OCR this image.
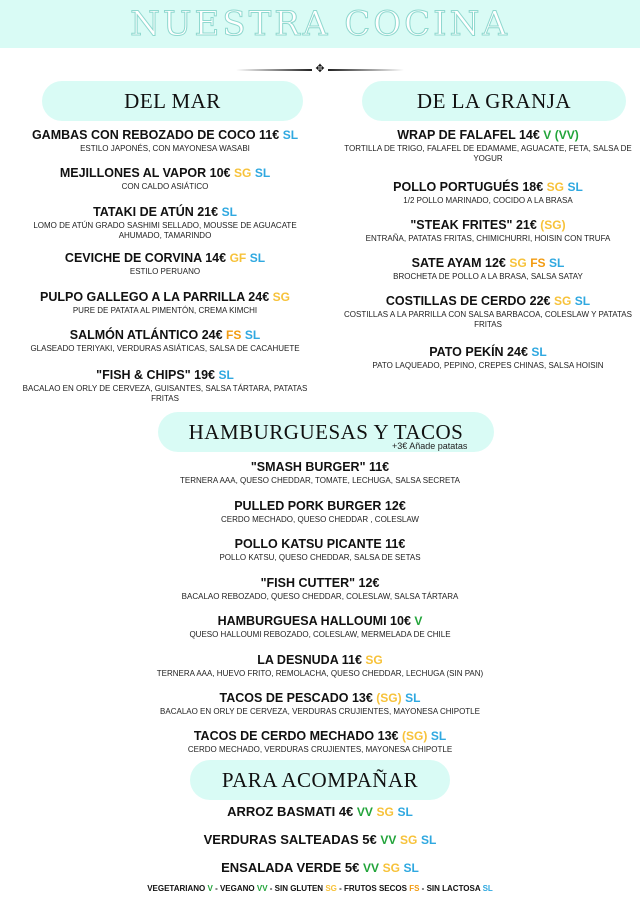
NUESTRA COCINA
✥
DEL MAR	DE LA GRANJA
HAMBURGUESAS Y TACOS
+3€ Añade patatas
PARA ACOMPAÑAR
GAMBAS CON REBOZADO DE COCO 11€ SL
ESTILO JAPONÉS, CON MAYONESA WASABI
MEJILLONES AL VAPOR 10€ SG SL
CON CALDO ASIÁTICO
TATAKI DE ATÚN 21€ SL
LOMO DE ATÚN GRADO SASHIMI SELLADO, MOUSSE DE AGUACATE AHUMADO, TAMARINDO
CEVICHE DE CORVINA 14€ GF SL
ESTILO PERUANO
PULPO GALLEGO A LA PARRILLA 24€ SG
PURE DE PATATA AL PIMENTÓN, CREMA KIMCHI
SALMÓN ATLÁNTICO 24€ FS SL
GLASEADO TERIYAKI, VERDURAS ASIÁTICAS, SALSA DE CACAHUETE
"FISH & CHIPS" 19€ SL
BACALAO EN ORLY DE CERVEZA, GUISANTES, SALSA TÁRTARA, PATATAS FRITAS
WRAP DE FALAFEL 14€ V (VV)
TORTILLA DE TRIGO, FALAFEL DE EDAMAME, AGUACATE, FETA, SALSA DE YOGUR
POLLO PORTUGUÉS 18€ SG SL
1/2 POLLO MARINADO, COCIDO A LA BRASA
"STEAK FRITES" 21€ (SG)
ENTRAÑA, PATATAS FRITAS, CHIMICHURRI, HOISIN CON TRUFA
SATE AYAM 12€ SG FS SL
BROCHETA DE POLLO A LA BRASA, SALSA SATAY
COSTILLAS DE CERDO 22€ SG SL
COSTILLAS A LA PARRILLA CON SALSA BARBACOA, COLESLAW Y PATATAS FRITAS
PATO PEKÍN 24€ SL
PATO LAQUEADO, PEPINO, CREPES CHINAS, SALSA HOISIN
"SMASH BURGER" 11€
TERNERA AAA, QUESO CHEDDAR, TOMATE, LECHUGA, SALSA SECRETA
PULLED PORK BURGER 12€
CERDO MECHADO, QUESO CHEDDAR , COLESLAW
POLLO KATSU PICANTE 11€
POLLO KATSU, QUESO CHEDDAR, SALSA DE SETAS
"FISH CUTTER" 12€
BACALAO REBOZADO, QUESO CHEDDAR, COLESLAW, SALSA TÁRTARA
HAMBURGUESA HALLOUMI 10€ V
QUESO HALLOUMI REBOZADO, COLESLAW, MERMELADA DE CHILE
LA DESNUDA 11€ SG
TERNERA AAA, HUEVO FRITO, REMOLACHA, QUESO CHEDDAR, LECHUGA (SIN PAN)
TACOS DE PESCADO 13€ (SG) SL
BACALAO EN ORLY DE CERVEZA, VERDURAS CRUJIENTES, MAYONESA CHIPOTLE
TACOS DE CERDO MECHADO 13€ (SG) SL
CERDO MECHADO, VERDURAS CRUJIENTES, MAYONESA CHIPOTLE
ARROZ BASMATI 4€ VV SG SL
VERDURAS SALTEADAS 5€ VV SG SL
ENSALADA VERDE 5€ VV SG SL
VEGETARIANO V - VEGANO VV - SIN GLUTEN SG - FRUTOS SECOS FS - SIN LACTOSA SL
